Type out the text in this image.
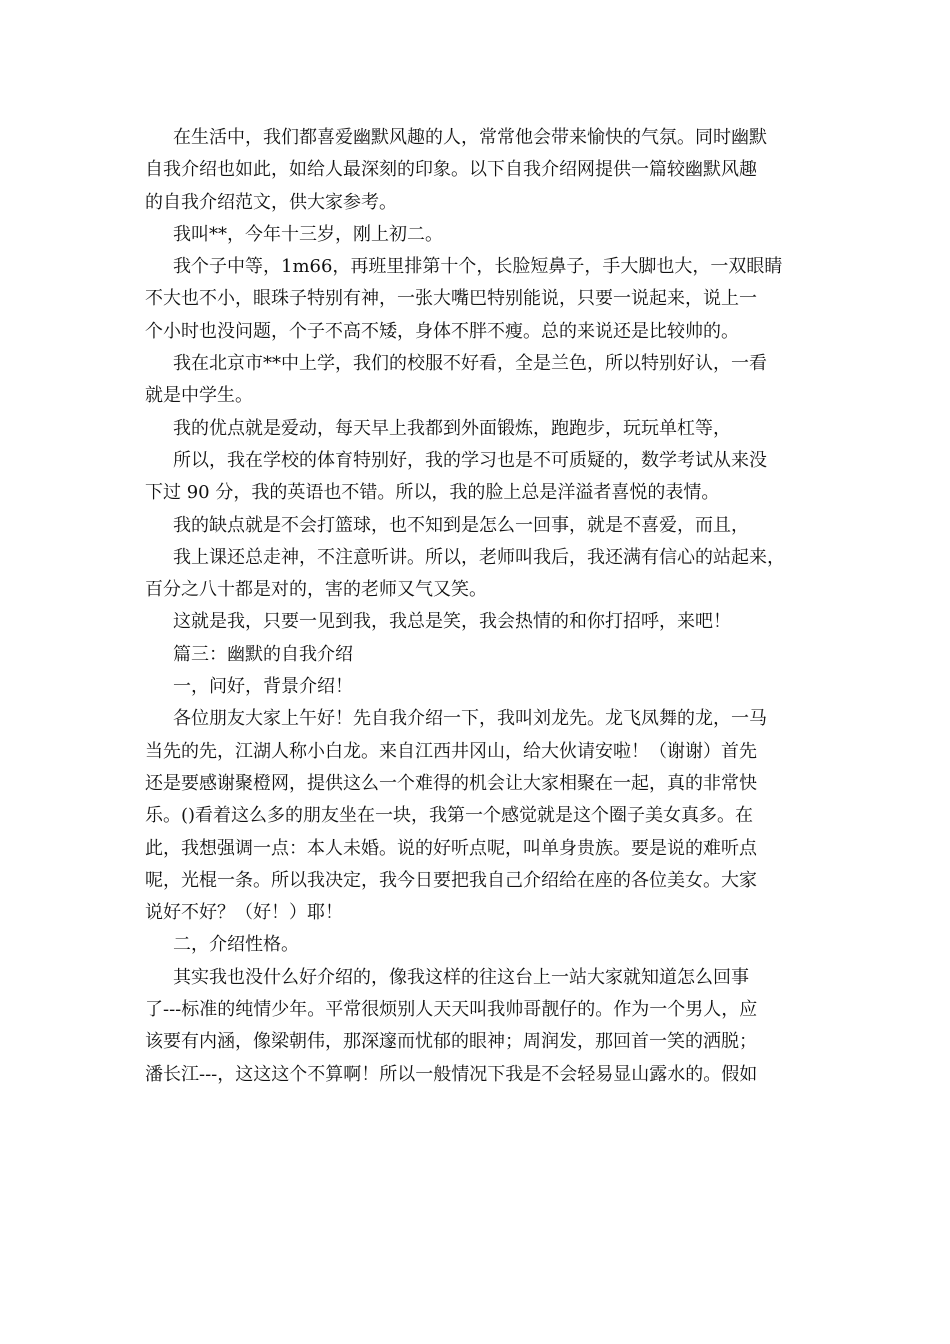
在生活中，我们都喜爱幽默风趣的人，常常他会带来愉快的气氛。同时幽默
自我介绍也如此，如给人最深刻的印象。以下自我介绍网提供一篇较幽默风趣
的自我介绍范文，供大家参考。
我叫**，今年十三岁，刚上初二。
我个子中等，1m66，再班里排第十个，长脸短鼻子，手大脚也大，一双眼睛
不大也不小，眼珠子特别有神，一张大嘴巴特别能说，只要一说起来，说上一
个小时也没问题，个子不高不矮，身体不胖不瘦。总的来说还是比较帅的。
我在北京市**中上学，我们的校服不好看，全是兰色，所以特别好认，一看
就是中学生。
我的优点就是爱动，每天早上我都到外面锻炼，跑跑步，玩玩单杠等，
所以，我在学校的体育特别好，我的学习也是不可质疑的，数学考试从来没
下过 90 分，我的英语也不错。所以，我的脸上总是洋溢者喜悦的表情。
我的缺点就是不会打篮球，也不知到是怎么一回事，就是不喜爱，而且，
我上课还总走神，不注意听讲。所以，老师叫我后，我还满有信心的站起来，
百分之八十都是对的，害的老师又气又笑。
这就是我，只要一见到我，我总是笑，我会热情的和你打招呼，来吧！
篇三：幽默的自我介绍
一，问好，背景介绍！
各位朋友大家上午好！先自我介绍一下，我叫刘龙先。龙飞凤舞的龙，一马
当先的先，江湖人称小白龙。来自江西井冈山，给大伙请安啦！（谢谢）首先
还是要感谢聚橙网，提供这么一个难得的机会让大家相聚在一起，真的非常快
乐。()看着这么多的朋友坐在一块，我第一个感觉就是这个圈子美女真多。在
此，我想强调一点：本人未婚。说的好听点呢，叫单身贵族。要是说的难听点
呢，光棍一条。所以我决定，我今日要把我自己介绍给在座的各位美女。大家
说好不好？（好！）耶！
二，介绍性格。
其实我也没什么好介绍的，像我这样的往这台上一站大家就知道怎么回事
了---标准的纯情少年。平常很烦别人天天叫我帅哥靓仔的。作为一个男人，应
该要有内涵，像梁朝伟，那深邃而忧郁的眼神；周润发，那回首一笑的洒脱；
潘长江---，这这这个不算啊！所以一般情况下我是不会轻易显山露水的。假如
